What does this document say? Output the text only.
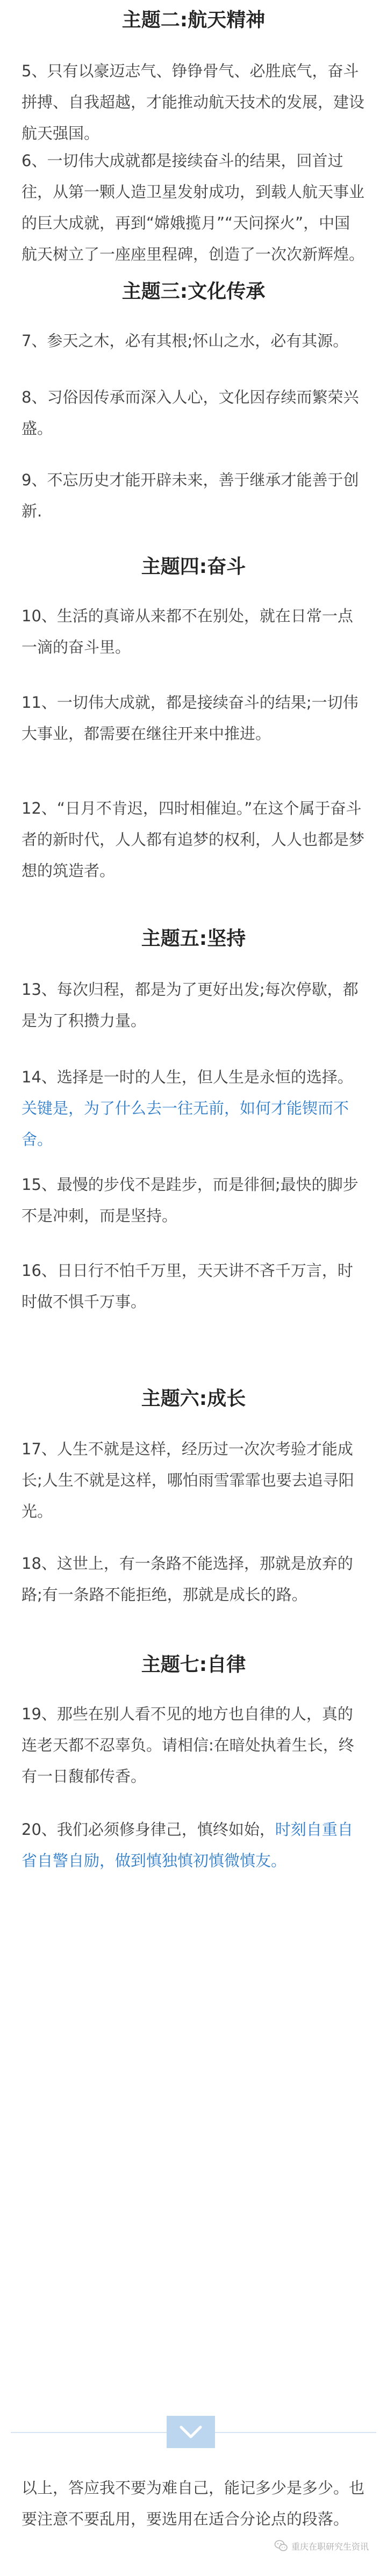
主题二:航天精神

5、只有以豪迈志气、铮铮骨气、必胜底气，奋斗拼搏、自我超越，才能推动航天技术的发展，建设航天强国。

6、一切伟大成就都是接续奋斗的结果，回首过往，从第一颗人造卫星发射成功，到载人航天事业的巨大成就，再到“嫦娥揽月”“天问探火”，中国航天树立了一座座里程碑，创造了一次次新辉煌。

主题三:文化传承

7、参天之木，必有其根;怀山之水，必有其源。

8、习俗因传承而深入人心，文化因存续而繁荣兴盛。

9、不忘历史才能开辟未来，善于继承才能善于创新.

主题四:奋斗

10、生活的真谛从来都不在别处，就在日常一点一滴的奋斗里。

11、一切伟大成就，都是接续奋斗的结果;一切伟大事业，都需要在继往开来中推进。

12、“日月不肯迟，四时相催迫。”在这个属于奋斗者的新时代，人人都有追梦的权利，人人也都是梦想的筑造者。

主题五:坚持

13、每次归程，都是为了更好出发;每次停歇，都是为了积攒力量。

14、选择是一时的人生，但人生是永恒的选择。关键是，为了什么去一往无前，如何才能锲而不舍。

15、最慢的步伐不是跬步，而是徘徊;最快的脚步不是冲刺，而是坚持。

16、日日行不怕千万里，天天讲不吝千万言，时时做不惧千万事。

主题六:成长

17、人生不就是这样，经历过一次次考验才能成长;人生不就是这样，哪怕雨雪霏霏也要去追寻阳光。

18、这世上，有一条路不能选择，那就是放弃的路;有一条路不能拒绝，那就是成长的路。

主题七:自律

19、那些在别人看不见的地方也自律的人，真的连老天都不忍辜负。请相信:在暗处执着生长，终有一日馥郁传香。

20、我们必须修身律己，慎终如始，时刻自重自省自警自励，做到慎独慎初慎微慎友。

以上，答应我不要为难自己，能记多少是多少。也要注意不要乱用，要选用在适合分论点的段落。

重庆在职研究生资讯
